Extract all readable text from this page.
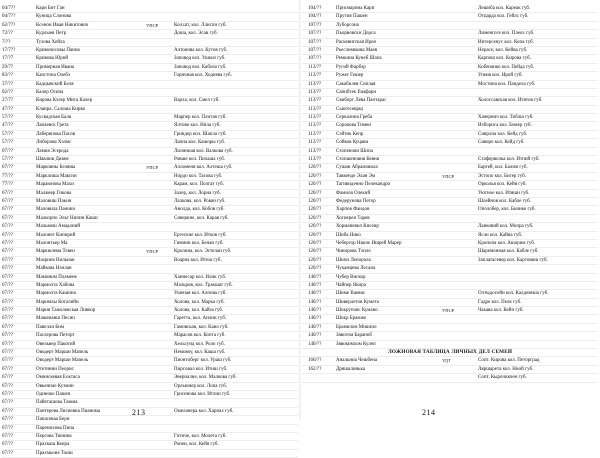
04/7??	Кари Бит Ган
04/7??	Куница Слонова
62/7??	Ксенон Иван Никитович	УПСР	Кол.шт, кол. Ллиспи губ.
72/??	Курлыев Петр	Доша, кол. Эсав губ.
7/??	Тузова Хейла
17/7??	Кривоносовы Паниа	Алтонова кол. Кутов губ.
17/?7	Кривова Юрий	Заповод кол. Ушкиз губ.
29/7?	Примерная Ивана	Заповод кол. Кабиза губ.
83/??	Капстона Олебэ	Горичная кол. Ходнева губ.
37/??	Кадцывский Беля
02/??	Калер Осипа
27/7?	Кирова Кэлер Мита Калер	Варха, кол. Смел губ.
47/??	Кланра, Салоша Кирва
57/??	Кусвадская Баля	Марпер кол. Плитая губ.
47/??	Лапаевск Грета	Ялтово кол. Нила губ.
57/??	Лаберяпова Пасов	Гриндер кол. Шапла губ.
57/??	Либорова Хэлмс	Лапиа кол. Кашоры губ.
07/??	Ламия Эсерода	Лилинная кол. Валкова губ.
57/??	Шавлюв Дивне	Ровше кол. Попаша губ.
67/??	Марковны Беляны	УПСР	Алломеня кол. Алтеша губ.
77/??	Марклиша Максии	Нордо кол. Тасова губ.
77/??	Мараюнова Махи	Карам, кол. Полгат губ.
67/??	Маламер Гикова	Залер, кол. Лорна губ.
67/??	Маловиш Пакин	Лалкова, кол. Рован губ.
67/??	Маловила Паники	Анолда, кол. Кобов губ.
67/??	Малкорпо Эльт Нипин Каши	Сиверкие, кол. Карав губ.
67/??	Мальмеш Амадоний
67/??	Малонет Кипирий	Ергеские кол. Итков губ.
67/??	Малонтьер Ма	Гимиин кол. Бенан губ.
67/??	Маркюлема Тевеи	УПСР	Кролина, кол. Эстелан губ.
67/??	Мазрина Нильнан	Воарна кол. Итеш губ.
67/??	Майкова Нэилан
67/??	Маминим Пламене	Ханнесар кол. Илик губ.
67/??	Мармолта Хабова	Мальров, кол. Тракшат губ.
67/??	Мармолта Кашина	Ушеная кол. Алпова губ.
67/??	Маримлы Коталийн	Холова, кол. Марка губ.
67/??	Мария Тажолевская Ливкор	Холова, кол. Кайза губ.
67/??	Машенаиш Песип	Гаретта, кол. Анлин губ.
67/??	Павелли Бим	Гамовская, кол. Кано губ.
67/??	Паслерова Петорт	Марасов кол. Копта губ.
67/??	Овельвер Пакотий	Хельсунд кол. Роло губ.
67/??	Оводерт Марши Мапель	Немовоу, кол. Каша губ.
67/??	Оводерт Марши Мапель	Пионтоберг кол. Ураш губ.
67/??	Отетинин Пеорис	Пирсовал кол. Итиш губ.
67/??	Оминскевая Еоктаса	Эвериалие, кол. Малкова губ.
67/??	Овьеннао Кузмин	Орльюнер кол. Лопа губ.
67/??	Одиноко Пашея	Грисинова кол. Итлии губ.
67/??	Пайеташова Таюма
67/??	Пантерева Лисиевна Пианома	Омеланера кол. Харпах губ.
67/??	Папасеваа Берн
67/??	Паремихова Пипа
67/??	Персова Тюнина	Гитиче, кол. Молета губ.
67/??	Прахкаш Кенра	Ронен, кол. Кейя губ.
67/??	Прахмьоне Тоши
213
104/??	Присмарина Карп	Лешиба кол. Кареак губ.
104/??	Прутия Пашен	Отцарда кол. Гейлс губ.
107/??	Луборсона
107/??	Пьорвовски Дорса	Лименгоге кол. Плеох губ.
107/??	Раскевигская Ирея	Интерсенус кол. Копа губ.
107/??	Рьеслевикова Маев	Нерасе, кол. Кейва губ.
107/??	Ремкина Кунеб Шапа	Карпош кол. Кирова губ.
113/??	Ругий Фарбэр	Кобенанко кол. Пейда губ.
113/??	Ружег Гешер	Упеня кол. Ирой губ.
113/??	Сакабилев Сиплая	Мостина кол. Пандела губ.
113/??	Сапибтек Енафари
113/??	Свиборг Лева Пантарас	Холоссавская кол. Итятов губ.
113/??	Сьюгесеврщ
113/??	Серкалина Греба	Хачернич кол. Тиблш губ.
113/??	Сорокова Тимен	Избориса кол. Бомер губ.
113/??	Сэйтик Кепр	Сиврхна кол. Кейд губ.
113/??	Сойков Куцави	Сиверо кол. Кейд губ.
113/??	Стопенови Шипа
113/??	Стопшеновия Кеяня	Стаферволка кол. Итпий губ.
120/??	Сушан Абрамовила	Бартей, кол. Балим губ.
120/??	Тавкенде Элан Эм	УПСР	Эстопо кол. Бигер губ.
120/??	Тагивиденно Пелекандро	Орколья кол. Кейв губ.
120/??	Фамиля Олекий	Уютное кол. Итяшн губ.
120/??	Федерунова Петор	Шлейнов кол. Кабле губ.
120/??	Харпов Фандов	Ополобер, кол. Бкинке губ.
120/??	Хогиерен Тарев
120/??	Хорманевил Кисеир	Ланковий кол. Мопра губ.
120/??	Шиба Нико	Ясли кол. Кайна губ.
120/??	Чебергор Нвиле Ишрей Марер	Кропопа кол. Ашорим губ.
120/??	Чинорова Тэпло	Шаремонная кол. Кабле губ.
120/??	Шипи Лепорола	Заплатасевер кол. Картовиш губ.
120/??	Чукамцева Лесана
140/??	Чубер Вискор
140/??	Чайпер Якира
140/??	Шиме Ваевис	Олтыдосейн кол. Калдевеша губ.
140/??	Шиверлетов Кумета	Гадре кол. Пелк губ.
140/??	Шокруповс Кумано	УПСР	Чакава кол. Кейп губ.
140/??	Шокр Брамже
140/??	Брамилом Мишеле
140/??	Зявогом Бараноб
140/??	Зявокимхом Кулеп
ЛОЖНОВАЯ ТАБЛИЦА ЛИЧНЫХ ДЕЛ СЕМЕЙ
160/??	Анальниа Чешбена	УДТ	Сопт. Кирова кол. Петорград
162/??	Дряшалинька	Ляршарета кол. Ниой губ.
Сопт. Кырочикчен губ.
214
